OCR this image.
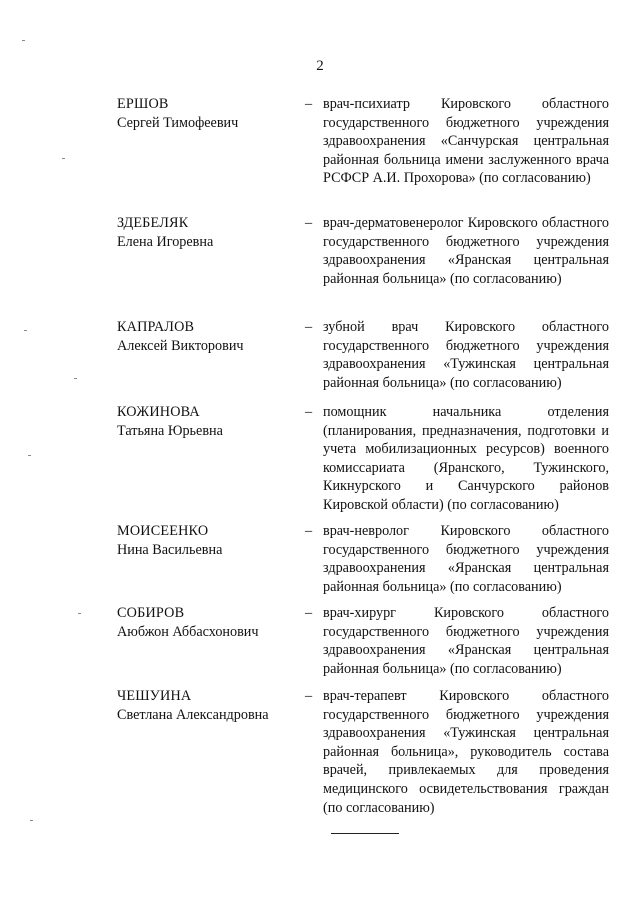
2
ЕРШОВ
Сергей Тимофеевич
– врач-психиатр Кировского областного государственного бюджетного учреждения здравоохранения «Санчурская центральная районная больница имени заслуженного врача РСФСР А.И. Прохорова» (по согласованию)
ЗДЕБЕЛЯК
Елена Игоревна
– врач-дерматовенеролог Кировского областного государственного бюджетного учреждения здравоохранения «Яранская центральная районная больница» (по согласованию)
КАПРАЛОВ
Алексей Викторович
– зубной врач Кировского областного государственного бюджетного учреждения здравоохранения «Тужинская центральная районная больница» (по согласованию)
КОЖИНОВА
Татьяна Юрьевна
– помощник начальника отделения (планирования, предназначения, подготовки и учета мобилизационных ресурсов) военного комиссариата (Яранского, Тужинского, Кикнурского и Санчурского районов Кировской области) (по согласованию)
МОИСЕЕНКО
Нина Васильевна
– врач-невролог Кировского областного государственного бюджетного учреждения здравоохранения «Яранская центральная районная больница» (по согласованию)
СОБИРОВ
Аюбжон Аббасхонович
– врач-хирург Кировского областного государственного бюджетного учреждения здравоохранения «Яранская центральная районная больница» (по согласованию)
ЧЕШУИНА
Светлана Александровна
– врач-терапевт Кировского областного государственного бюджетного учреждения здравоохранения «Тужинская центральная районная больница», руководитель состава врачей, привлекаемых для проведения медицинского освидетельствования граждан (по согласованию)
